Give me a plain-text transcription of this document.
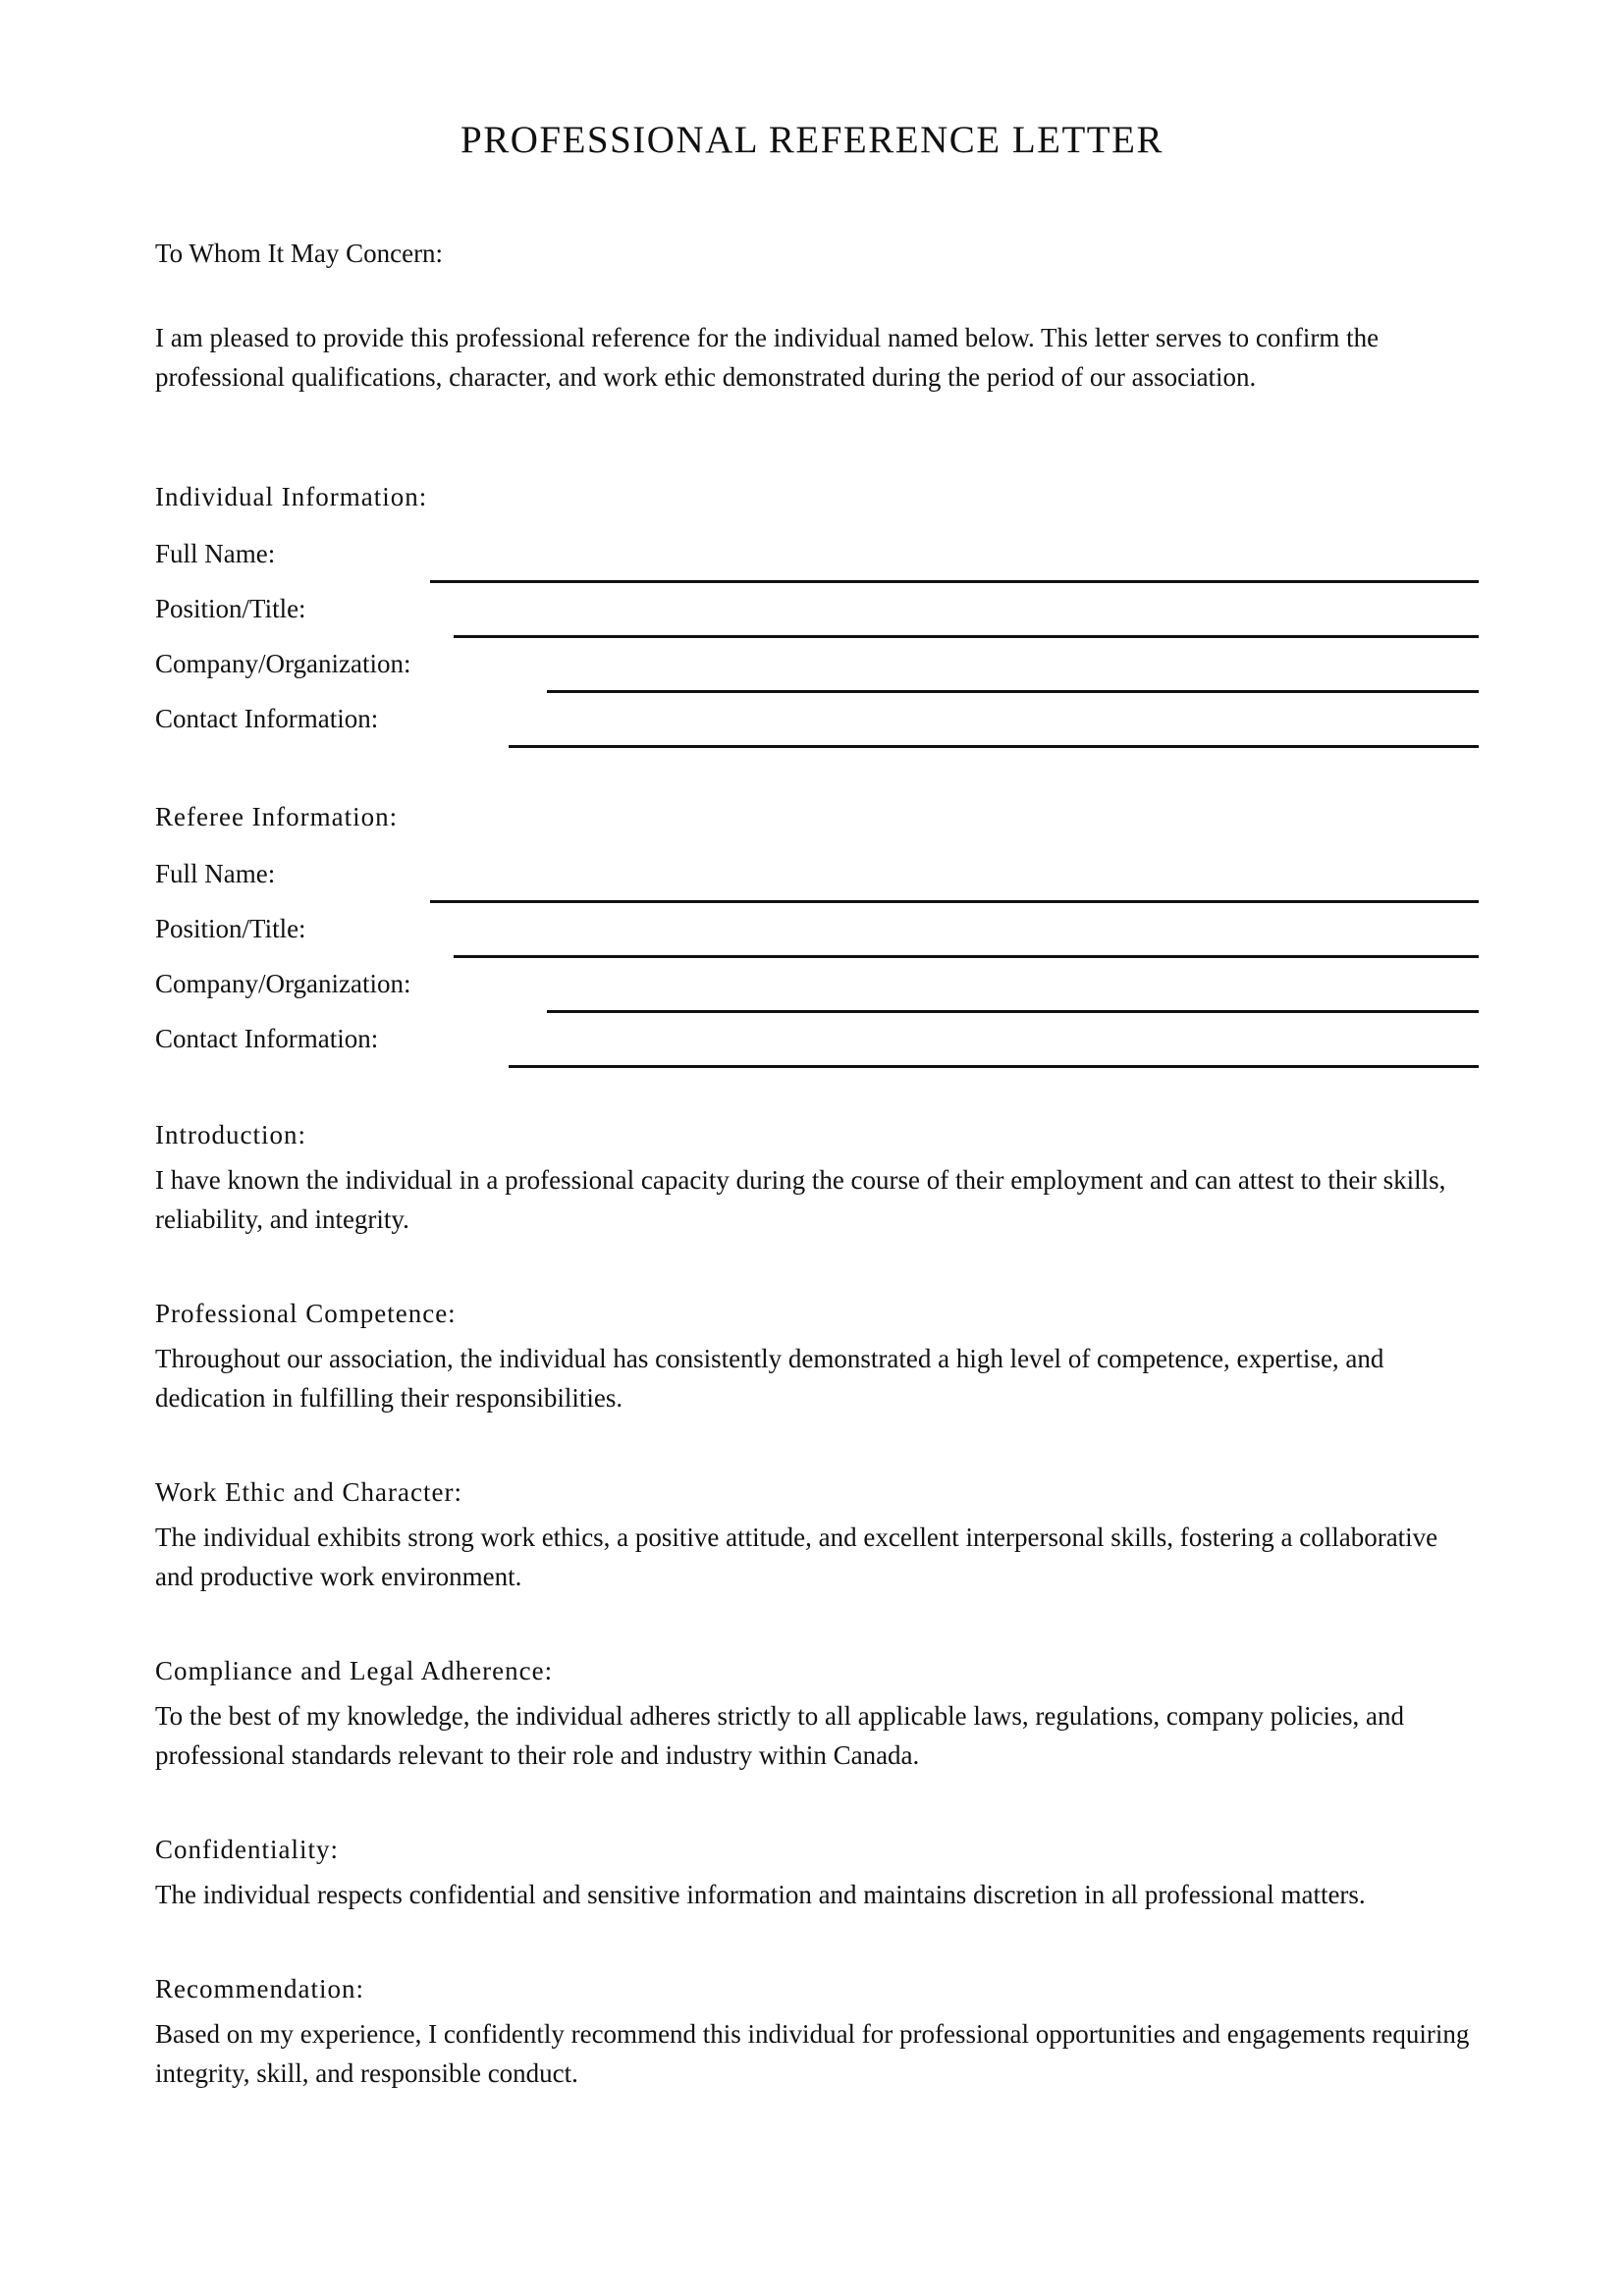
PROFESSIONAL REFERENCE LETTER

To Whom It May Concern:

I am pleased to provide this professional reference for the individual named below. This letter serves to confirm the professional qualifications, character, and work ethic demonstrated during the period of our association.

Individual Information:

Full Name:
Position/Title:
Company/Organization:
Contact Information:

Referee Information:

Full Name:
Position/Title:
Company/Organization:
Contact Information:

Introduction:

I have known the individual in a professional capacity during the course of their employment and can attest to their skills, reliability, and integrity.

Professional Competence:

Throughout our association, the individual has consistently demonstrated a high level of competence, expertise, and dedication in fulfilling their responsibilities.

Work Ethic and Character:

The individual exhibits strong work ethics, a positive attitude, and excellent interpersonal skills, fostering a collaborative and productive work environment.

Compliance and Legal Adherence:

To the best of my knowledge, the individual adheres strictly to all applicable laws, regulations, company policies, and professional standards relevant to their role and industry within Canada.

Confidentiality:

The individual respects confidential and sensitive information and maintains discretion in all professional matters.

Recommendation:

Based on my experience, I confidently recommend this individual for professional opportunities and engagements requiring integrity, skill, and responsible conduct.
